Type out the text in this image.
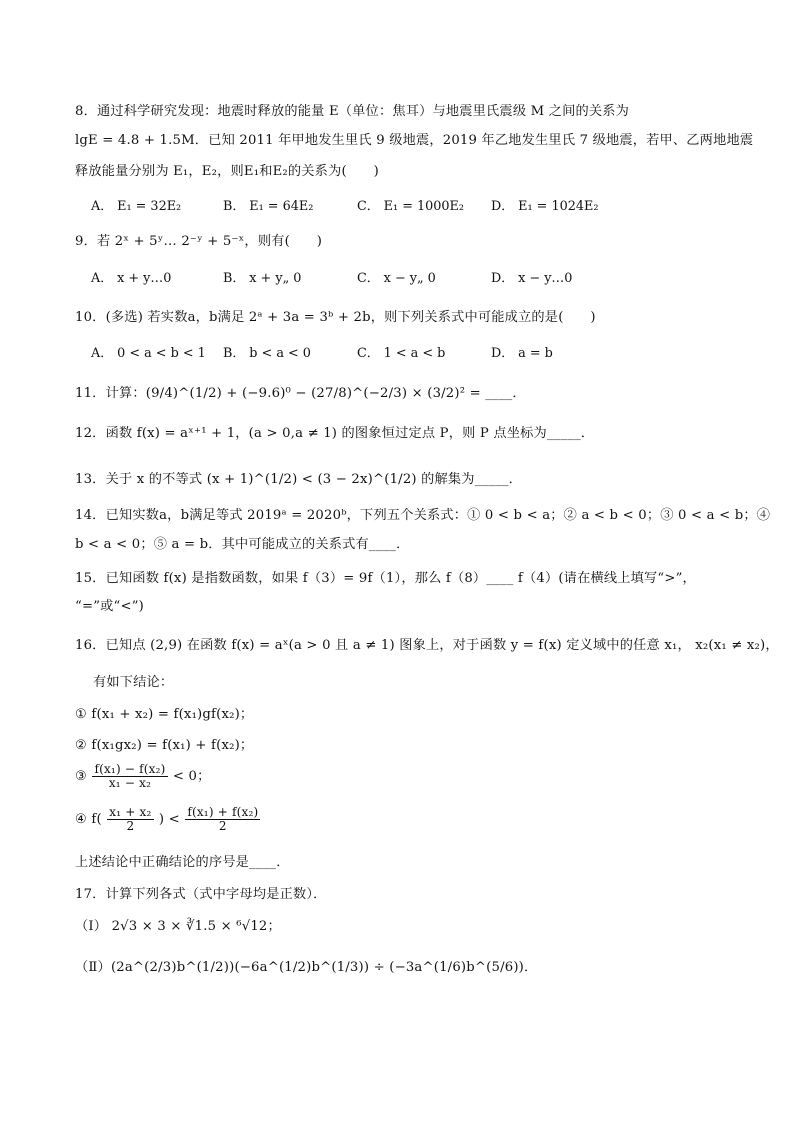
8．通过科学研究发现：地震时释放的能量 E（单位：焦耳）与地震里氏震级 M 之间的关系为
lgE = 4.8 + 1.5M．已知 2011 年甲地发生里氏 9 级地震，2019 年乙地发生里氏 7 级地震，若甲、乙两地地震
释放能量分别为 E₁，E₂，则E₁和E₂的关系为(　　)
A． E₁ = 32E₂	B． E₁ = 64E₂	C． E₁ = 1000E₂	D． E₁ = 1024E₂
9．若 2ˣ + 5ʸ… 2⁻ʸ + 5⁻ˣ，则有(　　)
A． x + y…0	B． x + y„ 0	C． x − y„ 0	D． x − y…0
10．(多选) 若实数a，b满足 2ᵃ + 3a = 3ᵇ + 2b，则下列关系式中可能成立的是(　　)
A． 0 < a < b < 1	B． b < a < 0	C． 1 < a < b	D． a = b
11．计算：(9/4)^(1/2) + (−9.6)⁰ − (27/8)^(−2/3) × (3/2)² = ____．
12．函数 f(x) = aˣ⁺¹ + 1，(a > 0,a ≠ 1) 的图象恒过定点 P，则 P 点坐标为_____．
13．关于 x 的不等式 (x + 1)^(1/2) < (3 − 2x)^(1/2) 的解集为_____．
14．已知实数a，b满足等式 2019ᵃ = 2020ᵇ，下列五个关系式：① 0 < b < a；② a < b < 0；③ 0 < a < b；④
b < a < 0；⑤ a = b．其中可能成立的关系式有____．
15．已知函数 f(x) 是指数函数，如果 f（3）= 9f（1），那么 f（8）____ f（4）(请在横线上填写“>”，
“=”或“<”)
16．已知点 (2,9) 在函数 f(x) = aˣ(a > 0 且 a ≠ 1) 图象上，对于函数 y = f(x) 定义域中的任意 x₁， x₂(x₁ ≠ x₂)，
有如下结论：
① f(x₁ + x₂) = f(x₁)gf(x₂)；
② f(x₁gx₂) = f(x₁) + f(x₂)；
③ $\frac{\text{f(x₁) − f(x₂)}}{\text{x₁ − x₂}} < 0$；
④ $f( \frac{\text{x₁ + x₂}}{2}$ ) < $\frac{\text{f(x₁) + f(x₂)}}{2}$
上述结论中正确结论的序号是____．
17．计算下列各式（式中字母均是正数）．
（Ⅰ） 2√3 × 3 × ∛1.5 × ⁶√12；
（Ⅱ）(2a^(2/3)b^(1/2))(−6a^(1/2)b^(1/3)) ÷ (−3a^(1/6)b^(5/6))．
